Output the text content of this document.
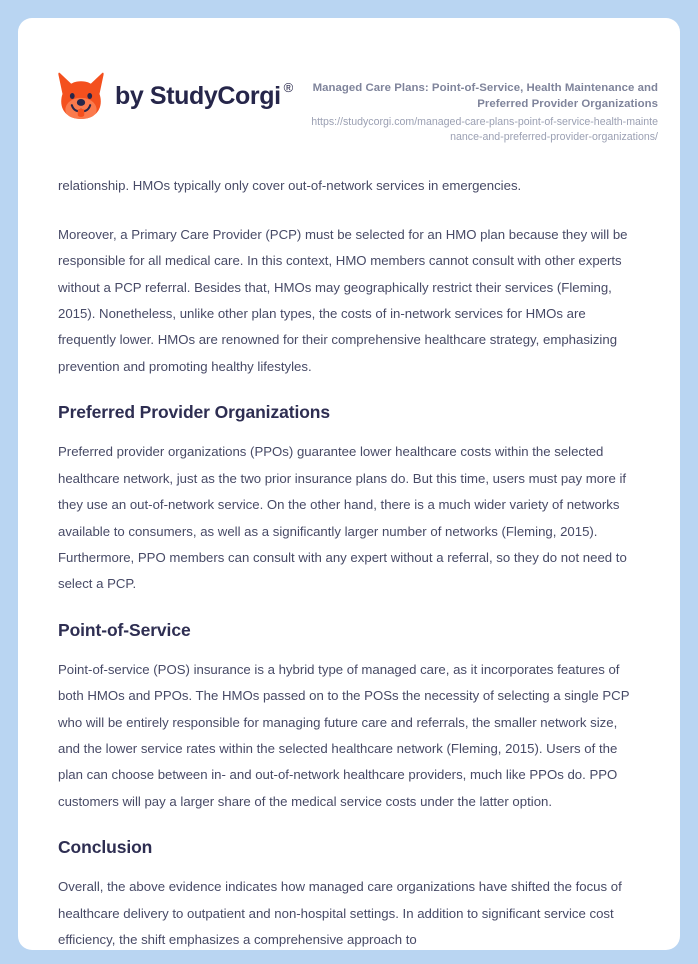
by StudyCorgi ®	Managed Care Plans: Point-of-Service, Health Maintenance and Preferred Provider Organizations
https://studycorgi.com/managed-care-plans-point-of-service-health-maintenance-and-preferred-provider-organizations/

relationship. HMOs typically only cover out-of-network services in emergencies.

Moreover, a Primary Care Provider (PCP) must be selected for an HMO plan because they will be responsible for all medical care. In this context, HMO members cannot consult with other experts without a PCP referral. Besides that, HMOs may geographically restrict their services (Fleming, 2015). Nonetheless, unlike other plan types, the costs of in-network services for HMOs are frequently lower. HMOs are renowned for their comprehensive healthcare strategy, emphasizing prevention and promoting healthy lifestyles.

Preferred Provider Organizations

Preferred provider organizations (PPOs) guarantee lower healthcare costs within the selected healthcare network, just as the two prior insurance plans do. But this time, users must pay more if they use an out-of-network service. On the other hand, there is a much wider variety of networks available to consumers, as well as a significantly larger number of networks (Fleming, 2015). Furthermore, PPO members can consult with any expert without a referral, so they do not need to select a PCP.

Point-of-Service

Point-of-service (POS) insurance is a hybrid type of managed care, as it incorporates features of both HMOs and PPOs. The HMOs passed on to the POSs the necessity of selecting a single PCP who will be entirely responsible for managing future care and referrals, the smaller network size, and the lower service rates within the selected healthcare network (Fleming, 2015). Users of the plan can choose between in- and out-of-network healthcare providers, much like PPOs do. PPO customers will pay a larger share of the medical service costs under the latter option.

Conclusion

Overall, the above evidence indicates how managed care organizations have shifted the focus of healthcare delivery to outpatient and non-hospital settings. In addition to significant service cost efficiency, the shift emphasizes a comprehensive approach to
